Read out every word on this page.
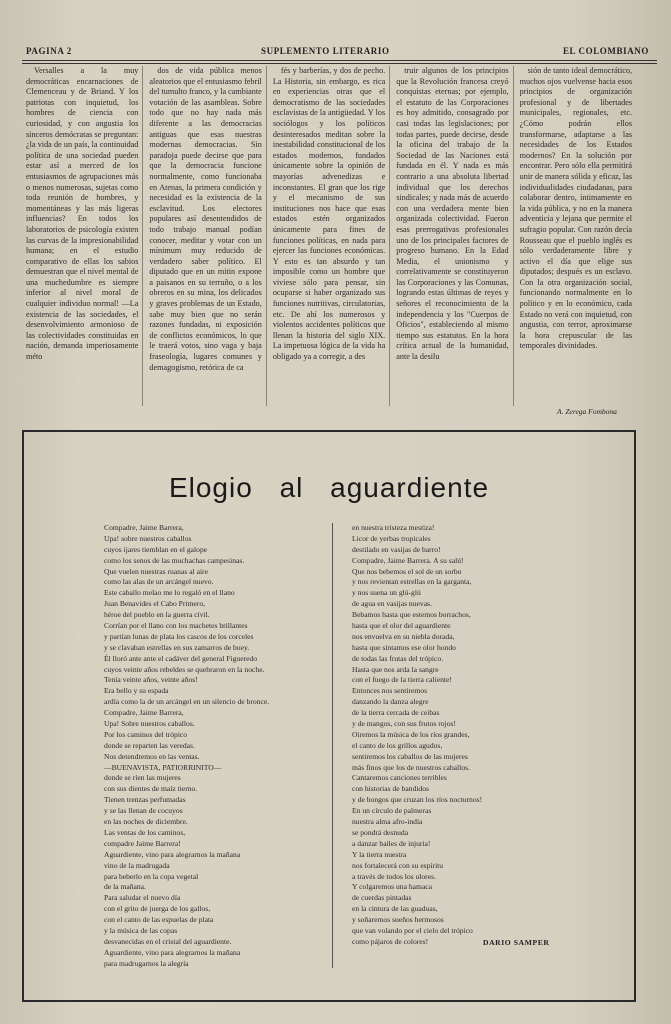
PAGINA 2	SUPLEMENTO LITERARIO	EL COLOMBIANO

Versalles a la muy democráticas encarnaciones de Clemenceau y de Briand. Y los patriotas con inquietud, los hombres de ciencia con curiosidad, y con angustia los sinceros demócratas se preguntan: ¿la vida de un país, la continuidad política de una sociedad pueden estar así a merced de los entusiasmos de agrupaciones más o menos numerosas, sujetas como toda reunión de hombres, y momentáneas y las más ligeras influencias? En todos los laboratorios de psicología existen las curvas de la impresionabilidad humana; en el estudio comparativo de ellas los sabios demuestran que el nivel mental de una muchedumbre es siempre inferior al nivel moral de cualquier individuo normal! —La existencia de las sociedades, el desenvolvimiento armonioso de las colectividades constituidas en nación, demanda imperiosamente méto

dos de vida pública menos aleatorios que el entusiasmo febril del tumulto franco, y la cambiante votación de las asambleas. Sobre todo que no hay nada más diferente a las democracias antiguas que esas nuestras modernas democracias. Sin paradoja puede decirse que para que la democracia funcione normalmente, como funcionaba en Atenas, la primera condición y necesidad es la existencia de la esclavitud. Los electores populares así desentendidos de todo trabajo manual podían conocer, meditar y votar con un mínimum muy reducido de verdadero saber político. El diputado que en un mitin expone a paisanos en su terruño, o a los obreros en su mina, los delicados y graves problemas de un Estado, sabe muy bien que no serán razones fundadas, ni exposición de conflictos económicos, lo que le traerá votos, sino vaga y baja fraseología, lugares comunes y demagogismo, retórica de ca

fés y barberías, y dos de pecho. La Historia, sin embargo, es rica en experiencias otras que el democratismo de las sociedades esclavistas de la antigüedad. Y los sociólogos y los políticos desinteresados meditan sobre la inestabilidad constitucional de los estados modernos, fundados únicamente sobre la opinión de mayorías advenedizas e inconstantes. El gran que los rige y el mecanismo de sus instituciones nos hace que esas estados estén organizados únicamente para fines de funciones políticas, en nada para ejercer las funciones económicas. Y esto es tan absurdo y tan imposible como un hombre que viviese sólo para pensar, sin ocuparse si haber organizado sus funciones nutritivas, circulatorias, etc. De ahí los numerosos y violentos accidentes políticos que llenan la historia del siglo XIX. La impetuosa lógica de la vida ha obligado ya a corregir, a des

truir algunos de los principios que la Revolución francesa creyó conquistas eternas; por ejemplo, el estatuto de las Corporaciones es hoy admitido, consagrado por casi todas las legislaciones; por todas partes, puede decirse, desde la oficina del trabajo de la Sociedad de las Naciones está fundada en él. Y nada es más contrario a una absoluta libertad individual que los derechos sindicales; y nada más de acuerdo con una verdadera mente bien organizada colectividad. Fueron esas prerrogativas profesionales uno de los principales factores de progreso humano. En la Edad Media, el unionismo y correlativamente se constituyeron las Corporaciones y las Comunas, logrando estas últimas de reyes y señores el reconocimiento de la independencia y los "Cuerpos de Oficios", estableciendo al mismo tiempo sus estatutos. En la hora crítica actual de la humanidad, ante la desilu

sión de tanto ideal democrático, muchos ojos vuelvense hacia esos principios de organización profesional y de libertades municipales, regionales, etc. ¿Cómo podrán ellos transformarse, adaptarse a las necesidades de los Estados modernos? En la solución por encontrar. Pero sólo ella permitirá unir de manera sólida y eficaz, las individualidades ciudadanas, para colaborar dentro, íntimamente en la vida pública, y no en la manera adventicia y lejana que permite el sufragio popular. Con razón decía Rousseau que el pueblo inglés es sólo verdaderamente libre y activo el día que elige sus diputados; después es un esclavo. Con la otra organización social, funcionando normalmente en lo político y en lo económico, cada Estado no verá con inquietud, con angustia, con terror, aproximarse la hora crepuscular de las temporales divinidades.

A. Zerega Fombona
Elogio al aguardiente
Compadre, Jaime Barrera,
Upa! sobre nuestros caballos
cuyos ijares tiemblan en el galope
como los senos de las muchachas campesinas.
Que vuelen nuestras ruanas al aire
como las alas de un arcángel nuevo.
Este caballo melao me lo regaló en el llano
Juan Benavides el Cabo Primero,
héroe del pueblo en la guerra civil.
Corrían por el llano con los machetes brillantes
y partían lunas de plata los cascos de los corceles
y se clavaban estrellas en sus zamarros de buey.
Él lloró ante ante el cadáver del general Figueredo
cuyos veinte años rebeldes se quebraron en la noche.
Tenía veinte años, veinte años!
Era bello y su espada
ardía como la de un arcángel en un silencio de bronce.
Compadre, Jaime Barrera,
Upa! Sobre nuestros caballos.
Por los caminos del trópico
donde se reparten las veredas.
Nos detendremos en las ventas.
—BUENAVISTA, PATIORRINITO—
donde se ríen las mujeres
con sus dientes de maíz tierno.
Tienen trenzas perfumadas
y se las llenan de cocuyos
en las noches de diciembre.
Las ventas de los caminos,
compadre Jaime Barrera!
Aguardiente, vino para alegrarnos la mañana
vino de la madrugada
para beberlo en la copa vegetal
de la mañana.
Para saludar el nuevo día
con el grito de juerga de los gallos,
con el canto de las espuelas de plata
y la música de las copas
desvanecidas en el cristal del aguardiente.
Aguardiente, vino para alegrarnos la mañana
para madrugarnos la alegría
en nuestra tristeza mestiza!
Licor de yerbas tropicales
destilado en vasijas de barro!
Compadre, Jaime Barrera. A su salú!
Que nos bebemos el sol de un sorbo
y nos revientan estrellas en la garganta,
y nos suena un glú-glú
de agua en vasijas nuevas.
Bebamos hasta que estemos borrachos,
hasta que el olor del aguardiente
nos envuelva en su niebla dorada,
hasta que sintamos ese olor hondo
de todas las frutas del trópico.
Hasta que nos arda la sangre
con el fuego de la tierra caliente!
Entonces nos sentiremos
danzando la danza alegre
de la tierra cercada de ceibas
y de mangos, con sus frutos rojos!
Oiremos la música de los ríos grandes,
el canto de los grillos agudos,
sentiremos los caballos de las mujeres
más finos que los de nuestros caballos.
Cantaremos canciones terribles
con historias de bandidos
y de bongos que cruzan los ríos nocturnos!
En un círculo de palmeras
nuestra alma afro-india
se pondrá desnuda
a danzar bailes de injuria!
Y la tierra nuestra
nos fortalecerá con su espíritu
a través de todos los ulores.
Y colgaremos una hamaca
de cuerdas pintadas
en la cintura de las guaduas,
y soñaremos sueños hermosos
que van volando por el cielo del trópico
como pájaros de colores!	DARIO SAMPER
